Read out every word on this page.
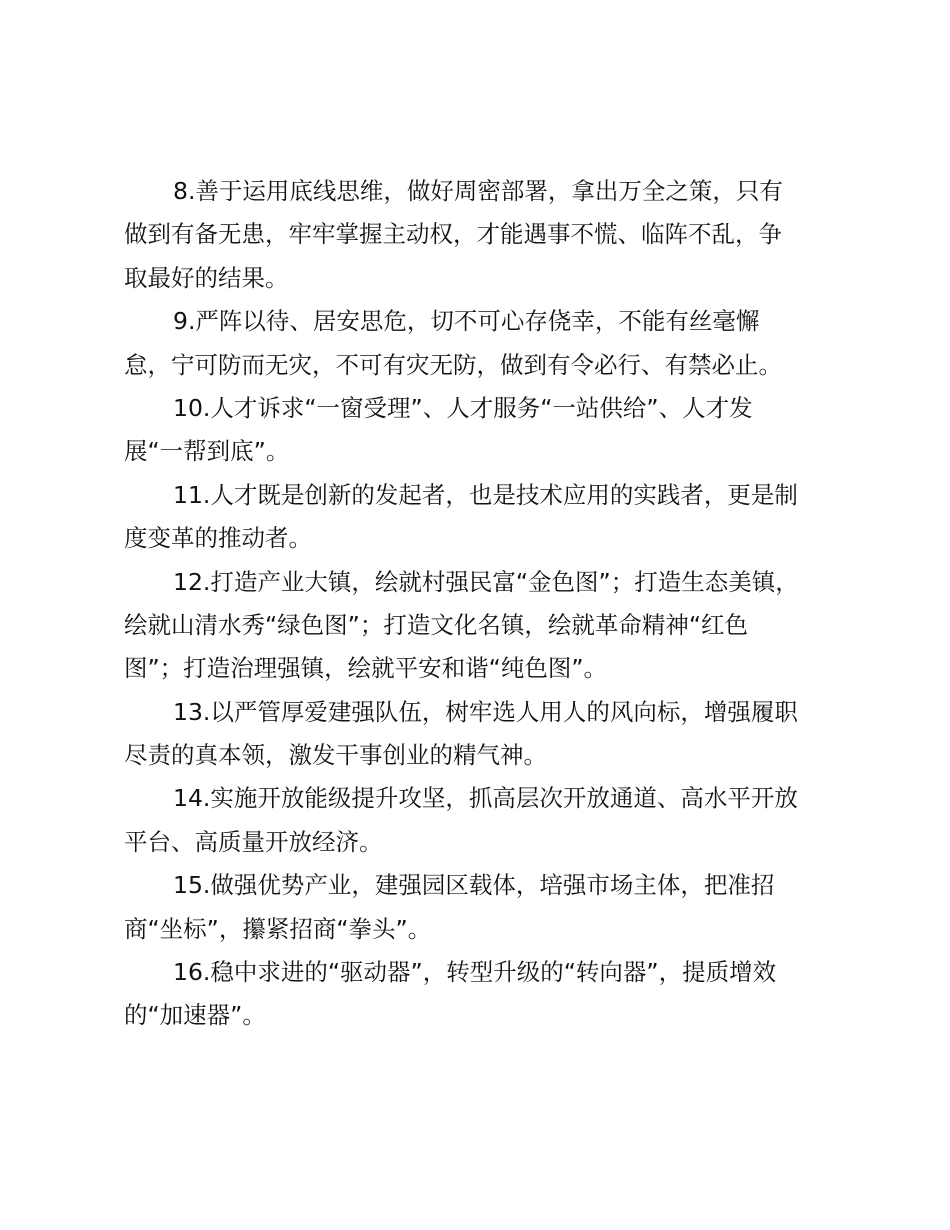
8.善于运用底线思维，做好周密部署，拿出万全之策，只有
做到有备无患，牢牢掌握主动权，才能遇事不慌、临阵不乱，争
取最好的结果。
9.严阵以待、居安思危，切不可心存侥幸，不能有丝毫懈
怠，宁可防而无灾，不可有灾无防，做到有令必行、有禁必止。
10.人才诉求“一窗受理”、人才服务“一站供给”、人才发
展“一帮到底”。
11.人才既是创新的发起者，也是技术应用的实践者，更是制
度变革的推动者。
12.打造产业大镇，绘就村强民富“金色图”；打造生态美镇，
绘就山清水秀“绿色图”；打造文化名镇，绘就革命精神“红色
图”；打造治理强镇，绘就平安和谐“纯色图”。
13.以严管厚爱建强队伍，树牢选人用人的风向标，增强履职
尽责的真本领，激发干事创业的精气神。
14.实施开放能级提升攻坚，抓高层次开放通道、高水平开放
平台、高质量开放经济。
15.做强优势产业，建强园区载体，培强市场主体，把准招
商“坐标”，攥紧招商“拳头”。
16.稳中求进的“驱动器”，转型升级的“转向器”，提质增效
的“加速器”。
